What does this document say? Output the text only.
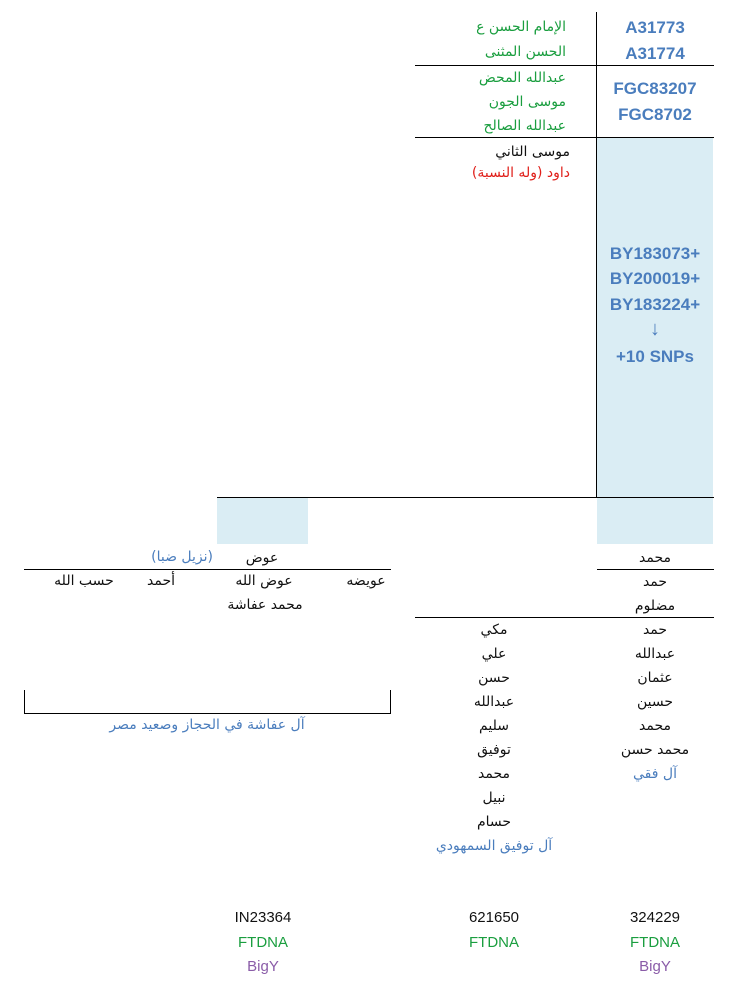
الإمام الحسن ع
الحسن المثنى
A31773
A31774
عبدالله المحض
موسى الجون
عبدالله الصالح
FGC83207
FGC8702
موسى الثاني
داود (وله النسبة)
BY183073+
BY200019+
BY183224+
↓
+10 SNPs
عوض
(نزيل ضبا)
عويضه
عوض الله
أحمد
حسب الله
محمد عفاشة
آل عفاشة في الحجاز وصعيد مصر
مكي
علي
حسن
عبدالله
سليم
توفيق
محمد
نبيل
حسام
آل توفيق السمهودي
محمد
حمد
مضلوم
حمد
عبدالله
عثمان
حسين
محمد
محمد حسن
آل فقي
IN23364
FTDNA
BigY
621650
FTDNA
324229
FTDNA
BigY
